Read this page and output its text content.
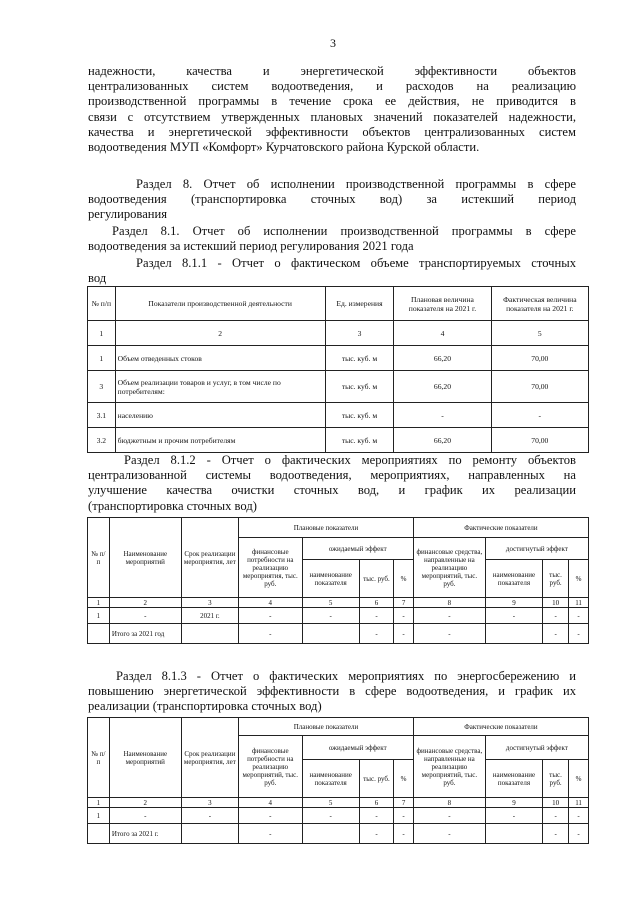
3
надежности, качества и энергетической эффективности объектов
централизованных систем водоотведения, и расходов на реализацию
производственной программы в течение срока ее действия, не приводится в
связи с отсутствием утвержденных плановых значений показателей надежности,
качества и энергетической эффективности объектов централизованных систем
водоотведения МУП «Комфорт» Курчатовского района Курской области.
Раздел 8. Отчет об исполнении производственной программы в сфере
водоотведения (транспортировка сточных вод) за истекший период
регулирования
Раздел 8.1. Отчет об исполнении производственной программы в сфере
водоотведения за истекший период регулирования 2021 года
Раздел 8.1.1 - Отчет о фактическом объеме транспортируемых сточных
вод
№ п/п	Показатели производственной деятельности	Ед. измерения	Плановая величина показателя на 2021 г.	Фактическая величина показателя на 2021 г.
1	2	3	4	5
1	Объем отведенных стоков	тыс. куб. м	66,20	70,00
3	Объем реализации товаров и услуг, в том числе по потребителям:	тыс. куб. м	66,20	70,00
3.1	населению	тыс. куб. м	-	-
3.2	бюджетным и прочим потребителям	тыс. куб. м	66,20	70,00
Раздел 8.1.2 - Отчет о фактических мероприятиях по ремонту объектов
централизованной системы водоотведения, мероприятиях, направленных на
улучшение качества очистки сточных вод, и график их реализации
(транспортировка сточных вод)
№ п/п	Наименование мероприятий	Срок реализации мероприятия, лет	Плановые показатели				Фактические показатели			
			финансовые потребности на реализацию мероприятия, тыс. руб.	ожидаемый эффект			финансовые средства, направленные на реализацию мероприятий, тыс. руб.	достигнутый эффект		
				наименование показателя	тыс. руб.	%		наименование показателя	тыс. руб.	%
1	2	3	4	5	6	7	8	9	10	11
1	-	2021 г.	-	-	-	-	-	-	-	-
	Итого за 2021 год		-		-	-	-		-	-
Раздел 8.1.3 - Отчет о фактических мероприятиях по энергосбережению и
повышению энергетической эффективности в сфере водоотведения, и график их
реализации (транспортировка сточных вод)
№ п/п	Наименование мероприятий	Срок реализации мероприятия, лет	Плановые показатели				Фактические показатели			
			финансовые потребности на реализацию мероприятий, тыс. руб.	ожидаемый эффект			финансовые средства, направленные на реализацию мероприятий, тыс. руб.	достигнутый эффект		
				наименование показателя	тыс. руб.	%		наименование показателя	тыс. руб.	%
1	2	3	4	5	6	7	8	9	10	11
1	-	-	-	-	-	-	-	-	-	-
	Итого за 2021 г.		-		-	-	-		-	-
